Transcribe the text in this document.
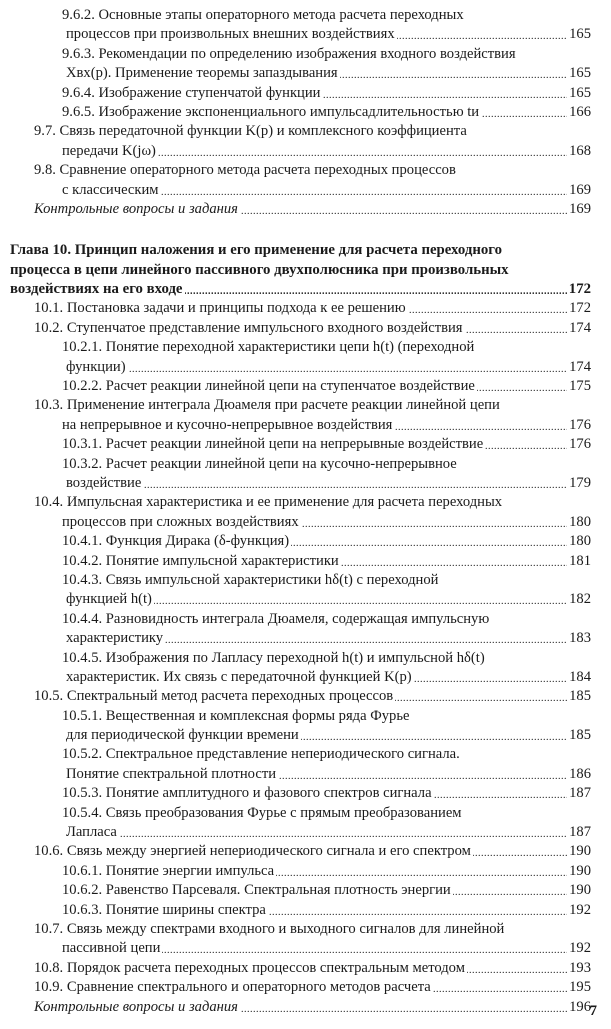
9.6.2. Основные этапы операторного метода расчета переходных
.....
процессов при произвольных внешних воздействиях	165
9.6.3. Рекомендации по определению изображения входного воздействия
.....
Xвх(p). Применение теоремы запаздывания	165
.....
9.6.4. Изображение ступенчатой функции	165
.....
9.6.5. Изображение экспоненциального импульсадлительностью tи	166
9.7. Связь передаточной функции K(p) и комплексного коэффициента
.....
передачи K(jω)	168
9.8. Сравнение операторного метода расчета переходных процессов
.....
с классическим	169
.....
Контрольные вопросы и задания	169
Глава 10. Принцип наложения и его применение для расчета переходного
процесса в цепи линейного пассивного двухполюсника при произвольных
.....
воздействиях на его входе	172
.....
10.1. Постановка задачи и принципы подхода к ее решению	172
.....
10.2. Ступенчатое представление импульсного входного воздействия	174
10.2.1. Понятие переходной характеристики цепи h(t) (переходной
.....
функции)	174
.....
10.2.2. Расчет реакции линейной цепи на ступенчатое воздействие	175
10.3. Применение интеграла Дюамеля при расчете реакции линейной цепи
.....
на непрерывное и кусочно-непрерывное воздействия	176
.....
10.3.1. Расчет реакции линейной цепи на непрерывные воздействие	176
10.3.2. Расчет реакции линейной цепи на кусочно-непрерывное
.....
воздействие	179
10.4. Импульсная характеристика и ее применение для расчета переходных
.....
процессов при сложных воздействиях	180
.....
10.4.1. Функция Дирака (δ-функция)	180
.....
10.4.2. Понятие импульсной характеристики	181
10.4.3. Связь импульсной характеристики hδ(t) с переходной
.....
функцией h(t)	182
10.4.4. Разновидность интеграла Дюамеля, содержащая импульсную
.....
характеристику	183
10.4.5. Изображения по Лапласу переходной h(t) и импульсной hδ(t)
.....
характеристик. Их связь с передаточной функцией K(p)	184
.....
10.5. Спектральный метод расчета переходных процессов	185
10.5.1. Вещественная и комплексная формы ряда Фурье
.....
для периодической функции времени	185
10.5.2. Спектральное представление непериодического сигнала.
.....
Понятие спектральной плотности	186
.....
10.5.3. Понятие амплитудного и фазового спектров сигнала	187
10.5.4. Связь преобразования Фурье с прямым преобразованием
.....
Лапласа	187
.....
10.6. Связь между энергией непериодического сигнала и его спектром	190
.....
10.6.1. Понятие энергии импульса	190
.....
10.6.2. Равенство Парсеваля. Спектральная плотность энергии	190
.....
10.6.3. Понятие ширины спектра	192
10.7. Связь между спектрами входного и выходного сигналов для линейной
.....
пассивной цепи	192
.....
10.8. Порядок расчета переходных процессов спектральным методом	193
.....
10.9. Сравнение спектрального и операторного методов расчета	195
.....
Контрольные вопросы и задания	196
7
